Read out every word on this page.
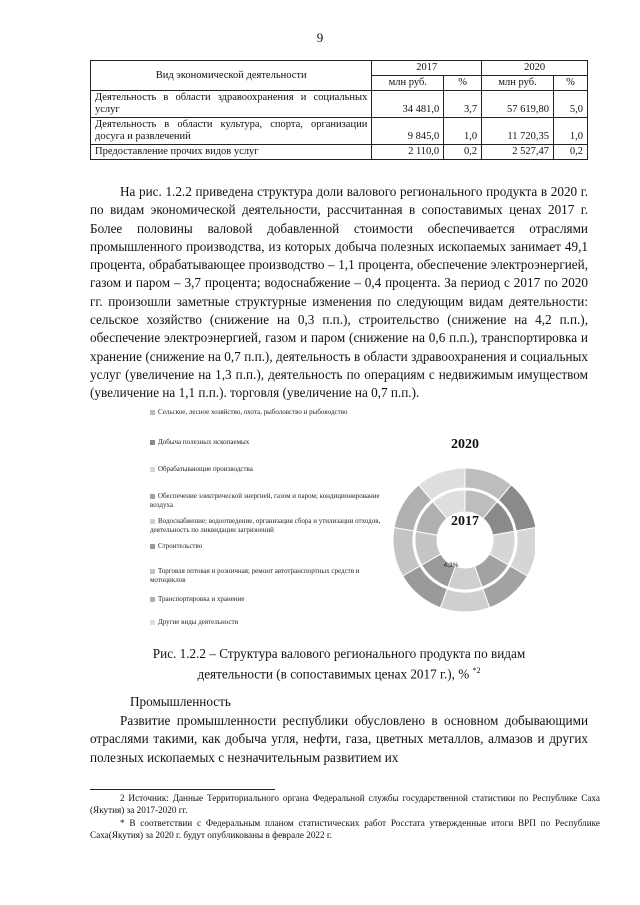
9
Вид экономической деятельности	2017		2020	
	млн руб.	%	млн руб.	%
Деятельность в области здравоохранения и социальных услуг	34 481,0	3,7	57 619,80	5,0
Деятельность в области культура, спорта, организации досуга и развлечений	9 845,0	1,0	11 720,35	1,0
Предоставление прочих видов услуг	2 110,0	0,2	2 527,47	0,2
На рис. 1.2.2 приведена структура доли валового регионального продукта в 2020 г. по видам экономической деятельности, рассчитанная в сопоставимых ценах 2017 г. Более половины валовой добавленной стоимости обеспечивается отраслями промышленного производства, из которых добыча полезных ископаемых занимает 49,1 процента, обрабатывающее производство – 1,1 процента, обеспечение электроэнергией, газом и паром – 3,7 процента; водоснабжение – 0,4 процента. За период с 2017 по 2020 гг. произошли заметные структурные изменения по следующим видам деятельности: сельское хозяйство (снижение на 0,3 п.п.), строительство (снижение на 4,2 п.п.), обеспечение электроэнергией, газом и паром (снижение на 0,6 п.п.), транспортировка и хранение (снижение на 0,7 п.п.), деятельность в области здравоохранения и социальных услуг (увеличение на 1,3 п.п.), деятельность по операциям с недвижимым имуществом (увеличение на 1,1 п.п.). торговля (увеличение на 0,7 п.п.).
Сельское, лесное хозяйство, охота, рыболовство и рыбоводство
Добыча полезных ископаемых
Обрабатывающие производства
Обеспечение электрической энергией, газом и паром; кондиционирование воздуха
Водоснабжение; водоотведение, организация сбора и утилизации отходов, деятельность по ликвидации загрязнений
Строительство
Торговля оптовая и розничная; ремонт автотранспортных средств и мотоциклов
Транспортировка и хранение
Другие виды деятельности
2020
2017
4,3%
Рис. 1.2.2 – Структура валового регионального продукта по видам
деятельности (в сопоставимых ценах 2017 г.), % $^{*2}$
Промышленность
Развитие промышленности республики обусловлено в основном добывающими отраслями такими, как добыча угля, нефти, газа, цветных металлов, алмазов и других полезных ископаемых с незначительным развитием их

2 Источник: Данные Территориального органа Федеральной службы государственной статистики по Республике Саха (Якутия) за 2017-2020 гг.

* В соответствии с Федеральным планом статистических работ Росстата утвержденные итоги ВРП по Республике Саха(Якутия) за 2020 г. будут опубликованы в феврале 2022 г.
